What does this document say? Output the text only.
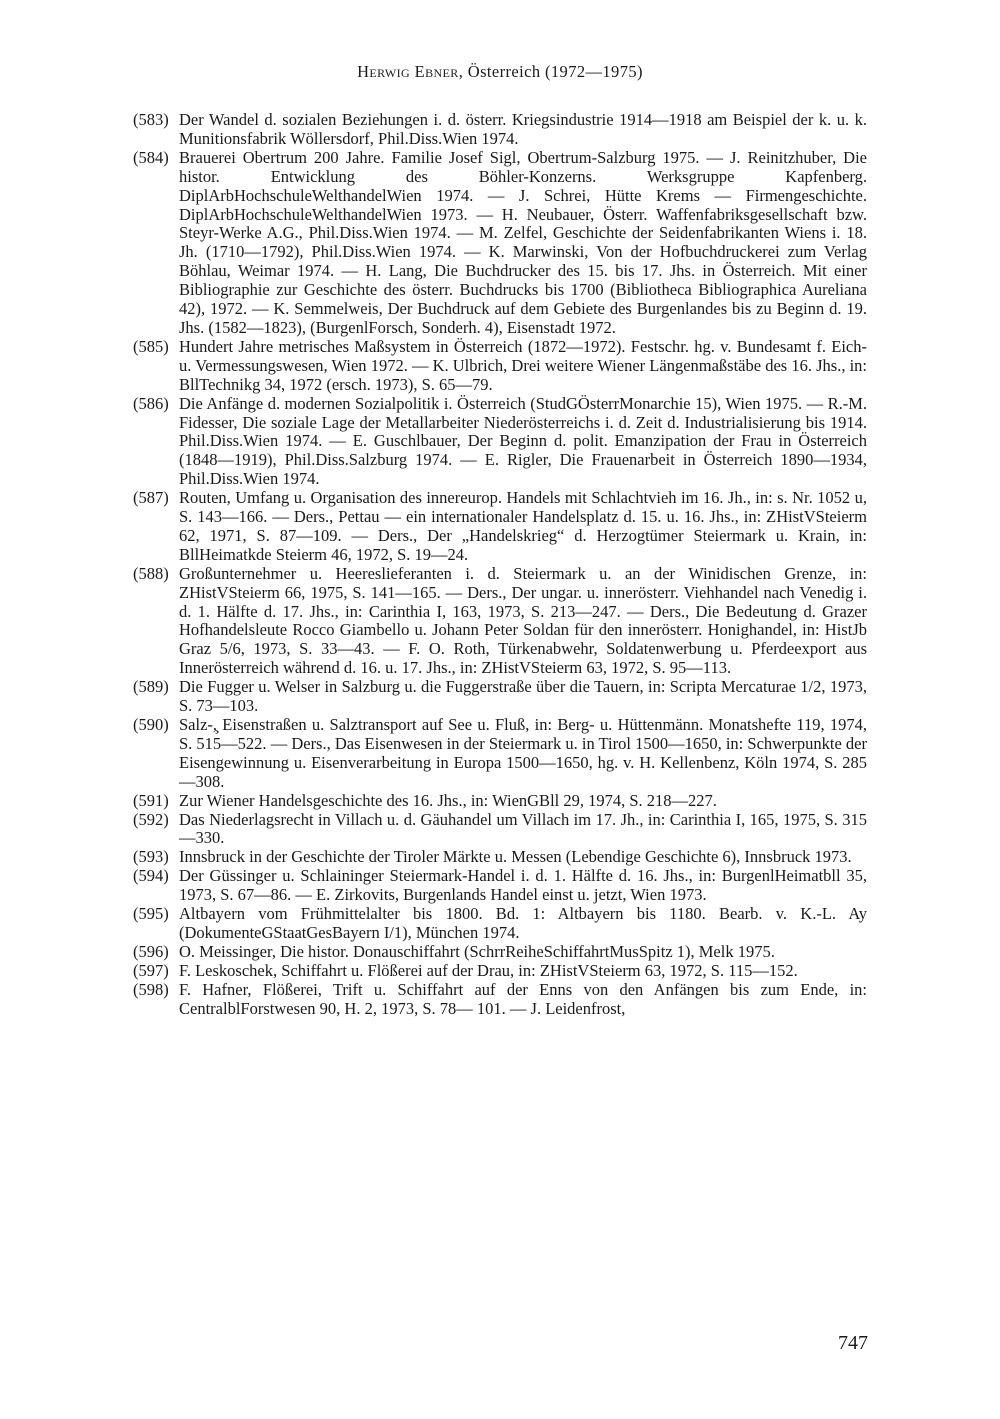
Herwig Ebner, Österreich (1972—1975)
(583) Der Wandel d. sozialen Beziehungen i. d. österr. Kriegsindustrie 1914—1918 am Beispiel der k. u. k. Munitionsfabrik Wöllersdorf, Phil.Diss.Wien 1974.

(584) Brauerei Obertrum 200 Jahre. Familie Josef Sigl, Obertrum-Salzburg 1975. — J. Reinitzhuber, Die histor. Entwicklung des Böhler-Konzerns. Werksgruppe Kapfenberg. DiplArbHochschuleWelthandelWien 1974. — J. Schrei, Hütte Krems — Firmengeschichte. DiplArbHochschuleWelthandelWien 1973. — H. Neubauer, Österr. Waffenfabriksgesellschaft bzw. Steyr-Werke A.G., Phil.Diss.Wien 1974. — M. Zelfel, Geschichte der Seidenfabrikanten Wiens i. 18. Jh. (1710—1792), Phil.Diss.Wien 1974. — K. Marwinski, Von der Hofbuchdruckerei zum Verlag Böhlau, Weimar 1974. — H. Lang, Die Buchdrucker des 15. bis 17. Jhs. in Österreich. Mit einer Bibliographie zur Geschichte des österr. Buchdrucks bis 1700 (Bibliotheca Bibliographica Aureliana 42), 1972. — K. Semmelweis, Der Buchdruck auf dem Gebiete des Burgenlandes bis zu Beginn d. 19. Jhs. (1582—1823), (BurgenlForsch, Sonderh. 4), Eisenstadt 1972.

(585) Hundert Jahre metrisches Maßsystem in Österreich (1872—1972). Festschr. hg. v. Bundesamt f. Eich- u. Vermessungswesen, Wien 1972. — K. Ulbrich, Drei weitere Wiener Längenmaßstäbe des 16. Jhs., in: BllTechnikg 34, 1972 (ersch. 1973), S. 65—79.

(586) Die Anfänge d. modernen Sozialpolitik i. Österreich (StudGÖsterrMonarchie 15), Wien 1975. — R.-M. Fidesser, Die soziale Lage der Metallarbeiter Niederösterreichs i. d. Zeit d. Industrialisierung bis 1914. Phil.Diss.Wien 1974. — E. Guschlbauer, Der Beginn d. polit. Emanzipation der Frau in Österreich (1848—1919), Phil.Diss.Salzburg 1974. — E. Rigler, Die Frauenarbeit in Österreich 1890—1934, Phil.Diss.Wien 1974.

(587) Routen, Umfang u. Organisation des innereurop. Handels mit Schlachtvieh im 16. Jh., in: s. Nr. 1052 u, S. 143—166. — Ders., Pettau — ein internationaler Handelsplatz d. 15. u. 16. Jhs., in: ZHistVSteierm 62, 1971, S. 87—109. — Ders., Der „Handelskrieg“ d. Herzogtümer Steiermark u. Krain, in: BllHeimatkde Steierm 46, 1972, S. 19—24.

(588) Großunternehmer u. Heereslieferanten i. d. Steiermark u. an der Winidischen Grenze, in: ZHistVSteierm 66, 1975, S. 141—165. — Ders., Der ungar. u. innerösterr. Viehhandel nach Venedig i. d. 1. Hälfte d. 17. Jhs., in: Carinthia I, 163, 1973, S. 213—247. — Ders., Die Bedeutung d. Grazer Hofhandelsleute Rocco Giambello u. Johann Peter Soldan für den innerösterr. Honighandel, in: HistJb Graz 5/6, 1973, S. 33—43. — F. O. Roth, Türkenabwehr, Soldatenwerbung u. Pferdeexport aus Innerösterreich während d. 16. u. 17. Jhs., in: ZHistVSteierm 63, 1972, S. 95—113.

(589) Die Fugger u. Welser in Salzburg u. die Fuggerstraße über die Tauern, in: Scripta Mercaturae 1/2, 1973, S. 73—103.

(590) Salz-,̧ Eisenstraßen u. Salztransport auf See u. Fluß, in: Berg- u. Hüttenmänn. Monatshefte 119, 1974, S. 515—522. — Ders., Das Eisenwesen in der Steiermark u. in Tirol 1500—1650, in: Schwerpunkte der Eisengewinnung u. Eisenverarbeitung in Europa 1500—1650, hg. v. H. Kellenbenz, Köln 1974, S. 285—308.

(591) Zur Wiener Handelsgeschichte des 16. Jhs., in: WienGBll 29, 1974, S. 218—227.

(592) Das Niederlagsrecht in Villach u. d. Gäuhandel um Villach im 17. Jh., in: Carinthia I, 165, 1975, S. 315—330.

(593) Innsbruck in der Geschichte der Tiroler Märkte u. Messen (Lebendige Geschichte 6), Innsbruck 1973.

(594) Der Güssinger u. Schlaininger Steiermark-Handel i. d. 1. Hälfte d. 16. Jhs., in: BurgenlHeimatbll 35, 1973, S. 67—86. — E. Zirkovits, Burgenlands Handel einst u. jetzt, Wien 1973.

(595) Altbayern vom Frühmittelalter bis 1800. Bd. 1: Altbayern bis 1180. Bearb. v. K.-L. Ay (DokumenteGStaatGesBayern I/1), München 1974.

(596) O. Meissinger, Die histor. Donauschiffahrt (SchrrReiheSchiffahrtMusSpitz 1), Melk 1975.

(597) F. Leskoschek, Schiffahrt u. Flößerei auf der Drau, in: ZHistVSteierm 63, 1972, S. 115—152.

(598) F. Hafner, Flößerei, Trift u. Schiffahrt auf der Enns von den Anfängen bis zum Ende, in: CentralblForstwesen 90, H. 2, 1973, S. 78— 101. — J. Leidenfrost,

747
